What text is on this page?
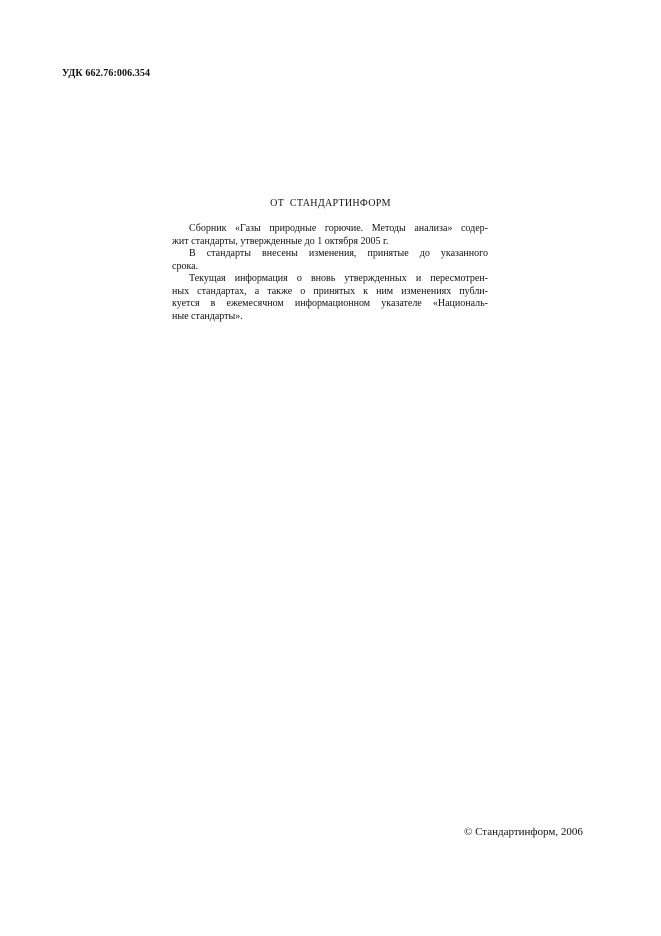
УДК 662.76:006.354
ОТ СТАНДАРТИНФОРМ
Сборник «Газы природные горючие. Методы анализа» содер-
жит стандарты, утвержденные до 1 октября 2005 г.
В стандарты внесены изменения, принятые до указанного
срока.
Текущая информация о вновь утвержденных и пересмотрен-
ных стандартах, а также о принятых к ним изменениях публи-
куется в ежемесячном информационном указателе «Националь-
ные стандарты».
© Стандартинформ, 2006
